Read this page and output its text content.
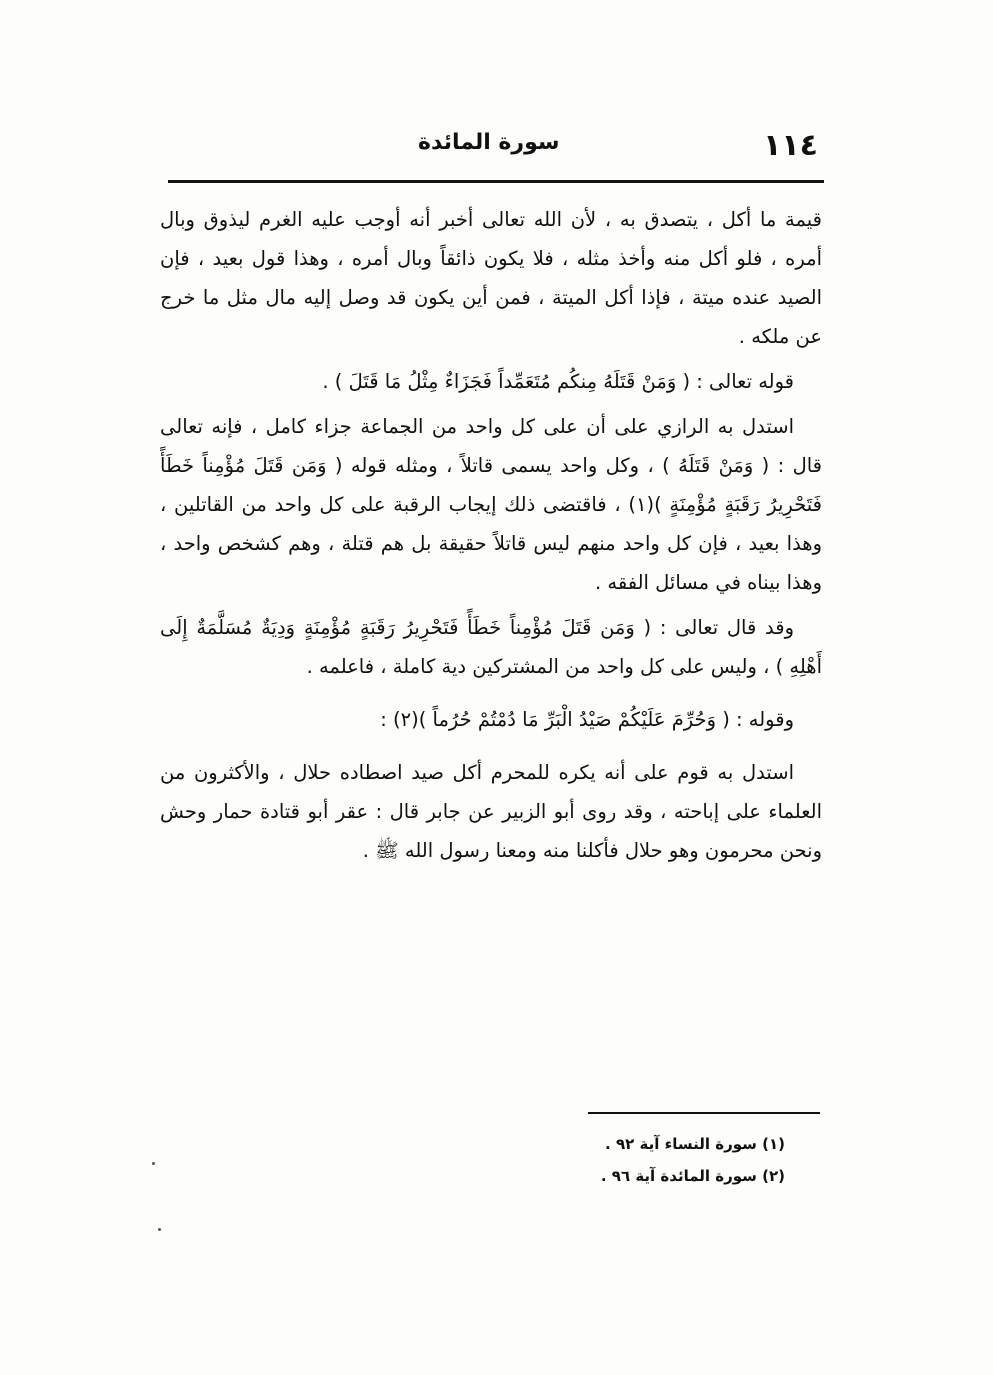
١١٤
سورة المائدة

قيمة ما أكل ، يتصدق به ، لأن الله تعالى أخبر أنه أوجب عليه الغرم ليذوق وبال أمره ، فلو أكل منه وأخذ مثله ، فلا يكون ذائقاً وبال أمره ، وهذا قول بعيد ، فإن الصيد عنده ميتة ، فإذا أكل الميتة ، فمن أين يكون قد وصل إليه مال مثل ما خرج عن ملكه .

قوله تعالى : ( وَمَنْ قَتَلَهُ مِنكُم مُتَعَمِّداً فَجَزَاءٌ مِثْلُ مَا قَتَلَ ) .

استدل به الرازي على أن على كل واحد من الجماعة جزاء كامل ، فإنه تعالى قال : ( وَمَنْ قَتَلَهُ ) ، وكل واحد يسمى قاتلاً ، ومثله قوله ( وَمَن قَتَلَ مُؤْمِناً خَطَأً فَتَحْرِيرُ رَقَبَةٍ مُؤْمِنَةٍ )(١) ، فاقتضى ذلك إيجاب الرقبة على كل واحد من القاتلين ، وهذا بعيد ، فإن كل واحد منهم ليس قاتلاً حقيقة بل هم قتلة ، وهم كشخص واحد ، وهذا بيناه في مسائل الفقه .

وقد قال تعالى : ( وَمَن قَتَلَ مُؤْمِناً خَطَأً فَتَحْرِيرُ رَقَبَةٍ مُؤْمِنَةٍ وَدِيَةٌ مُسَلَّمَةٌ إِلَى أَهْلِهِ ) ، وليس على كل واحد من المشتركين دية كاملة ، فاعلمه .

وقوله : ( وَحُرِّمَ عَلَيْكُمْ صَيْدُ الْبَرِّ مَا دُمْتُمْ حُرُماً )(٢) :

استدل به قوم على أنه يكره للمحرم أكل صيد اصطاده حلال ، والأكثرون من العلماء على إباحته ، وقد روى أبو الزبير عن جابر قال : عقر أبو قتادة حمار وحش ونحن محرمون وهو حلال فأكلنا منه ومعنا رسول الله ﷺ .

(١) سورة النساء آية ٩٢ .

(٢) سورة المائدة آية ٩٦ .
